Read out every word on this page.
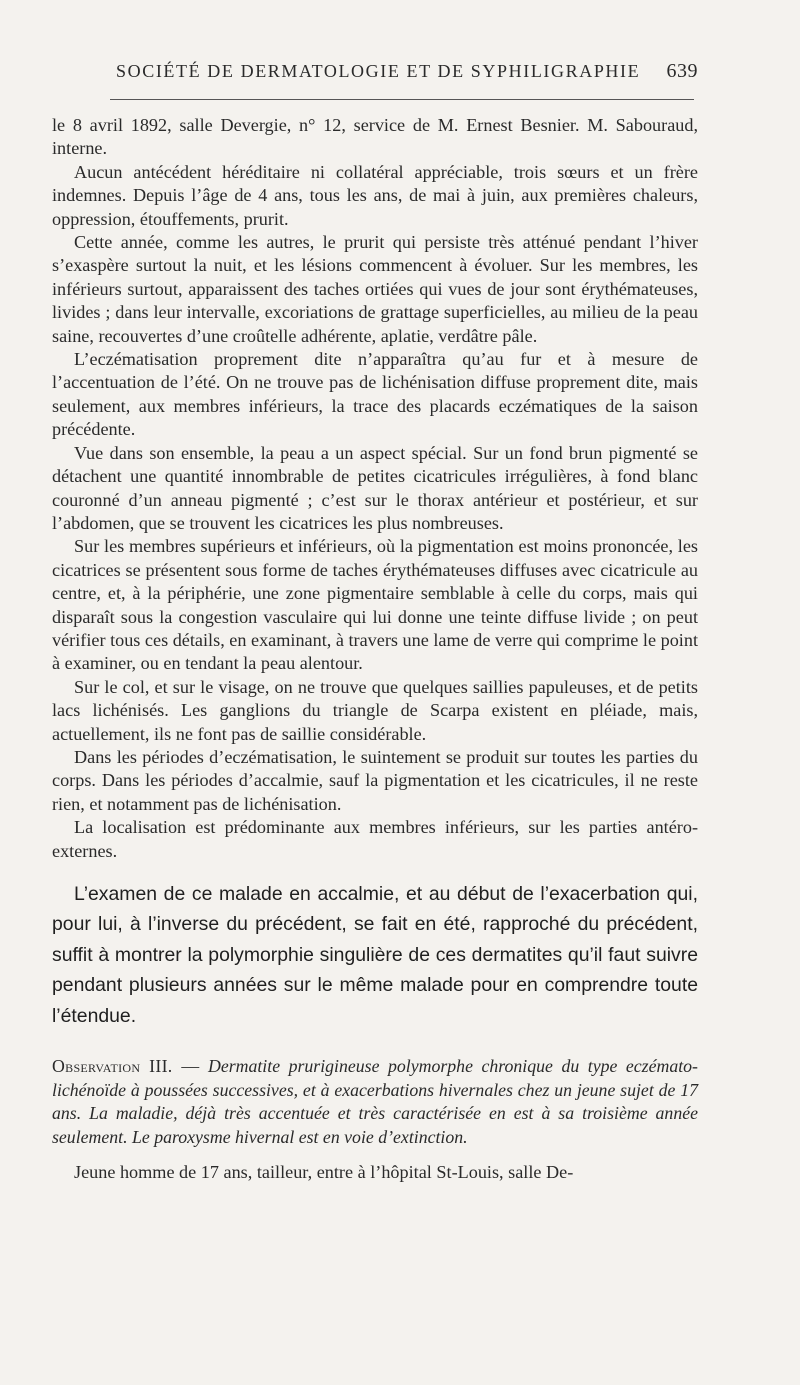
SOCIÉTÉ DE DERMATOLOGIE ET DE SYPHILIGRAPHIE 639

le 8 avril 1892, salle Devergie, n° 12, service de M. Ernest Besnier. M. Sabouraud, interne.

Aucun antécédent héréditaire ni collatéral appréciable, trois sœurs et un frère indemnes. Depuis l’âge de 4 ans, tous les ans, de mai à juin, aux premières chaleurs, oppression, étouffements, prurit.

Cette année, comme les autres, le prurit qui persiste très atténué pendant l’hiver s’exaspère surtout la nuit, et les lésions commencent à évoluer. Sur les membres, les inférieurs surtout, apparaissent des taches ortiées qui vues de jour sont érythémateuses, livides ; dans leur intervalle, excoriations de grattage superficielles, au milieu de la peau saine, recouvertes d’une croûtelle adhérente, aplatie, verdâtre pâle.

L’eczématisation proprement dite n’apparaîtra qu’au fur et à mesure de l’accentuation de l’été. On ne trouve pas de lichénisation diffuse proprement dite, mais seulement, aux membres inférieurs, la trace des placards eczématiques de la saison précédente.

Vue dans son ensemble, la peau a un aspect spécial. Sur un fond brun pigmenté se détachent une quantité innombrable de petites cicatricules irrégulières, à fond blanc couronné d’un anneau pigmenté ; c’est sur le thorax antérieur et postérieur, et sur l’abdomen, que se trouvent les cicatrices les plus nombreuses.

Sur les membres supérieurs et inférieurs, où la pigmentation est moins prononcée, les cicatrices se présentent sous forme de taches érythémateuses diffuses avec cicatricule au centre, et, à la périphérie, une zone pigmentaire semblable à celle du corps, mais qui disparaît sous la congestion vasculaire qui lui donne une teinte diffuse livide ; on peut vérifier tous ces détails, en examinant, à travers une lame de verre qui comprime le point à examiner, ou en tendant la peau alentour.

Sur le col, et sur le visage, on ne trouve que quelques saillies papuleuses, et de petits lacs lichénisés. Les ganglions du triangle de Scarpa existent en pléiade, mais, actuellement, ils ne font pas de saillie considérable.

Dans les périodes d’eczématisation, le suintement se produit sur toutes les parties du corps. Dans les périodes d’accalmie, sauf la pigmentation et les cicatricules, il ne reste rien, et notamment pas de lichénisation.

La localisation est prédominante aux membres inférieurs, sur les parties antéro-externes.

L’examen de ce malade en accalmie, et au début de l’exacerbation qui, pour lui, à l’inverse du précédent, se fait en été, rapproché du précédent, suffit à montrer la polymorphie singulière de ces dermatites qu’il faut suivre pendant plusieurs années sur le même malade pour en comprendre toute l’étendue.

Observation III. — Dermatite prurigineuse polymorphe chronique du type eczémato-lichénoïde à poussées successives, et à exacerbations hivernales chez un jeune sujet de 17 ans. La maladie, déjà très accentuée et très caractérisée en est à sa troisième année seulement. Le paroxysme hivernal est en voie d’extinction.

Jeune homme de 17 ans, tailleur, entre à l’hôpital St-Louis, salle De-
